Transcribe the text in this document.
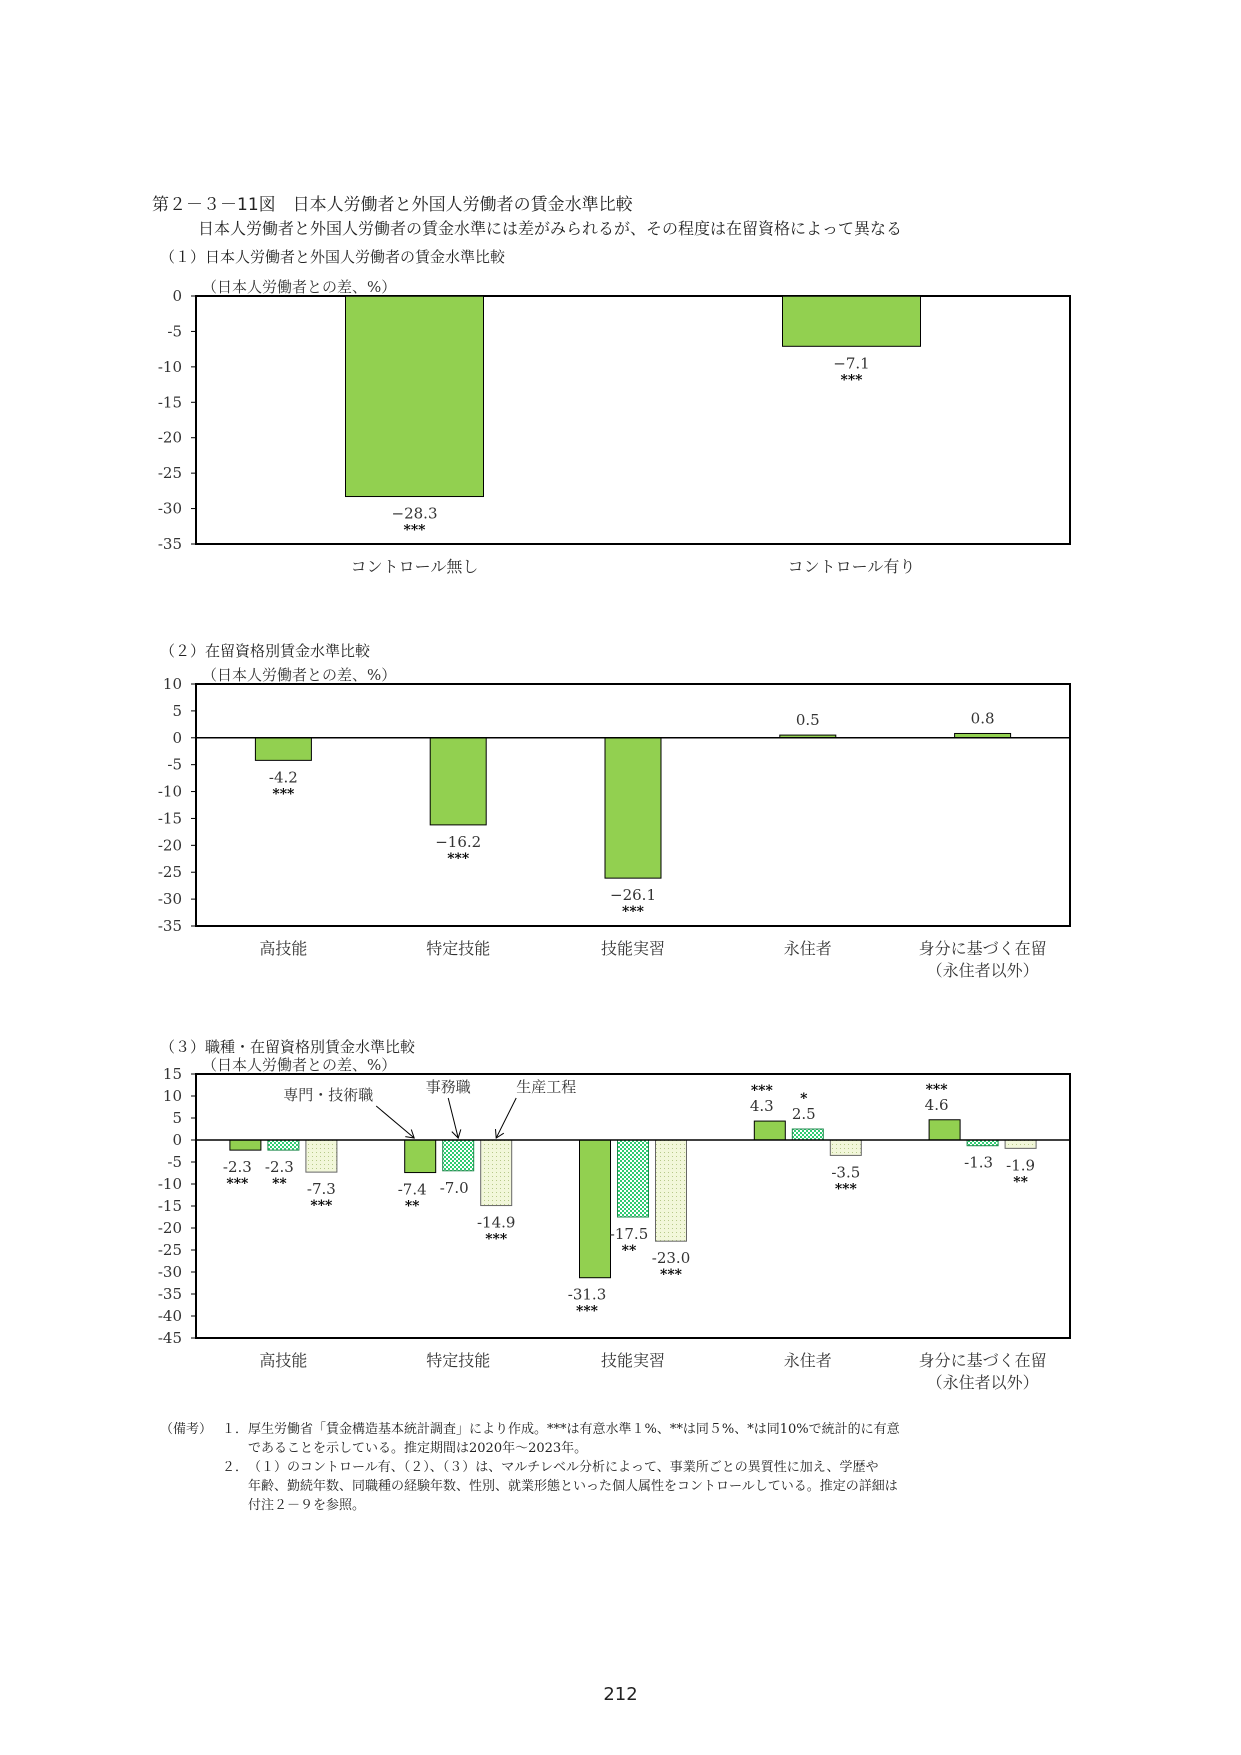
第２－３－11図　日本人労働者と外国人労働者の賃金水準比較
日本人労働者と外国人労働者の賃金水準には差がみられるが、その程度は在留資格によって異なる
（１）日本人労働者と外国人労働者の賃金水準比較
（日本人労働者との差、%）
0
-5
-10
-15
-20
-25
-30
-35
−28.3
***
−7.1
***
コントロール無し	コントロール有り
（２）在留資格別賃金水準比較
（日本人労働者との差、%）
10
5
0
-5
-10
-15
-20
-25
-30
-35
-4.2
***
−16.2
***
−26.1
***
0.5	0.8
高技能	特定技能	技能実習	永住者	身分に基づく在留
（永住者以外）
（３）職種・在留資格別賃金水準比較
（日本人労働者との差、%）
15
10
5
0
-5
-10
-15
-20
-25
-30
-35
-40
-45
-2.3
***	-7.4
**
-31.3
***
4.3
***
4.6
***
-2.3
**	-7.0
-17.5
**
2.5
*
-1.3
-7.3
***
-14.9
***
-23.0
***
-3.5
***
-1.9
**
高技能	特定技能	技能実習	永住者	身分に基づく在留
（永住者以外）
専門・技術職	事務職	生産工程
（備考） １． 厚生労働省「賃金構造基本統計調査」により作成。***は有意水準１%、**は同５%、*は同10%で統計的に有意
であることを示している。推定期間は2020年～2023年。
２． （１）のコントロール有、（２）、（３）は、マルチレベル分析によって、事業所ごとの異質性に加え、学歴や
年齢、勤続年数、同職種の経験年数、性別、就業形態といった個人属性をコントロールしている。推定の詳細は
付注２－９を参照。
212
